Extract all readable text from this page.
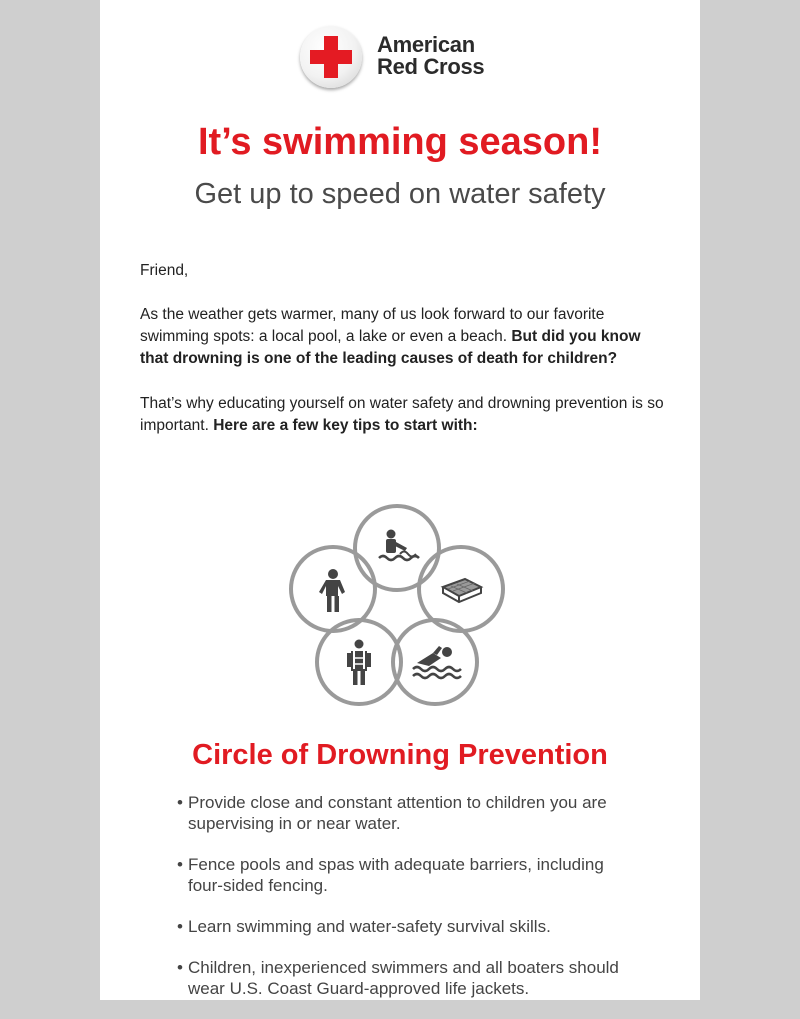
American
Red Cross
It’s swimming season!
Get up to speed on water safety

Friend,

As the weather gets warmer, many of us look forward to our favorite swimming spots: a local pool, a lake or even a beach. But did you know that drowning is one of the leading causes of death for children?

That’s why educating yourself on water safety and drowning prevention is so important. Here are a few key tips to start with:

Circle of Drowning Prevention
• Provide close and constant attention to children you are supervising in or near water.
• Fence pools and spas with adequate barriers, including four-sided fencing.
• Learn swimming and water-safety survival skills.
• Children, inexperienced swimmers and all boaters should wear U.S. Coast Guard-approved life jackets.
